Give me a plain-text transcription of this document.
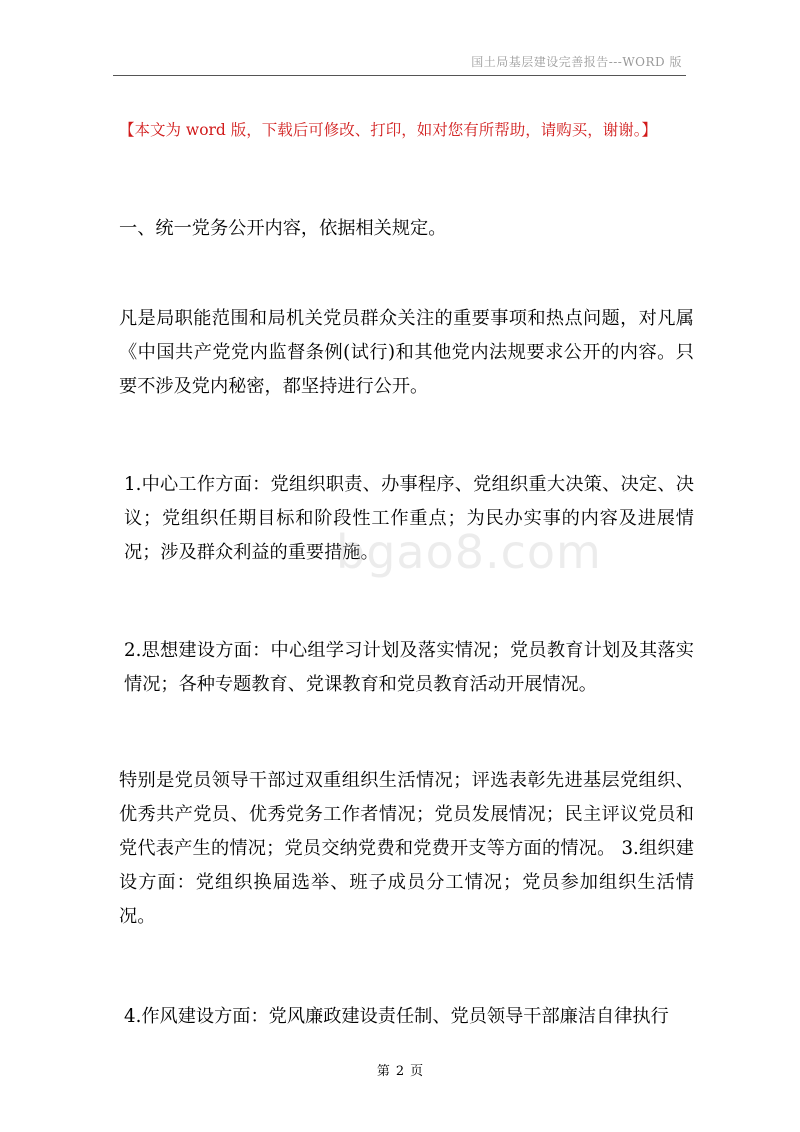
国土局基层建设完善报告---WORD 版
【本文为 word 版，下载后可修改、打印，如对您有所帮助，请购买，谢谢。】

一、统一党务公开内容，依据相关规定。

凡是局职能范围和局机关党员群众关注的重要事项和热点问题，对凡属《中国共产党党内监督条例(试行)和其他党内法规要求公开的内容。只要不涉及党内秘密，都坚持进行公开。

1.中心工作方面：党组织职责、办事程序、党组织重大决策、决定、决议；党组织任期目标和阶段性工作重点；为民办实事的内容及进展情况；涉及群众利益的重要措施。

2.思想建设方面：中心组学习计划及落实情况；党员教育计划及其落实情况；各种专题教育、党课教育和党员教育活动开展情况。

特别是党员领导干部过双重组织生活情况；评选表彰先进基层党组织、优秀共产党员、优秀党务工作者情况；党员发展情况；民主评议党员和党代表产生的情况；党员交纳党费和党费开支等方面的情况。 3.组织建设方面：党组织换届选举、班子成员分工情况；党员参加组织生活情况。

4.作风建设方面：党风廉政建设责任制、党员领导干部廉洁自律执行

bgao8.com
第 2 页
